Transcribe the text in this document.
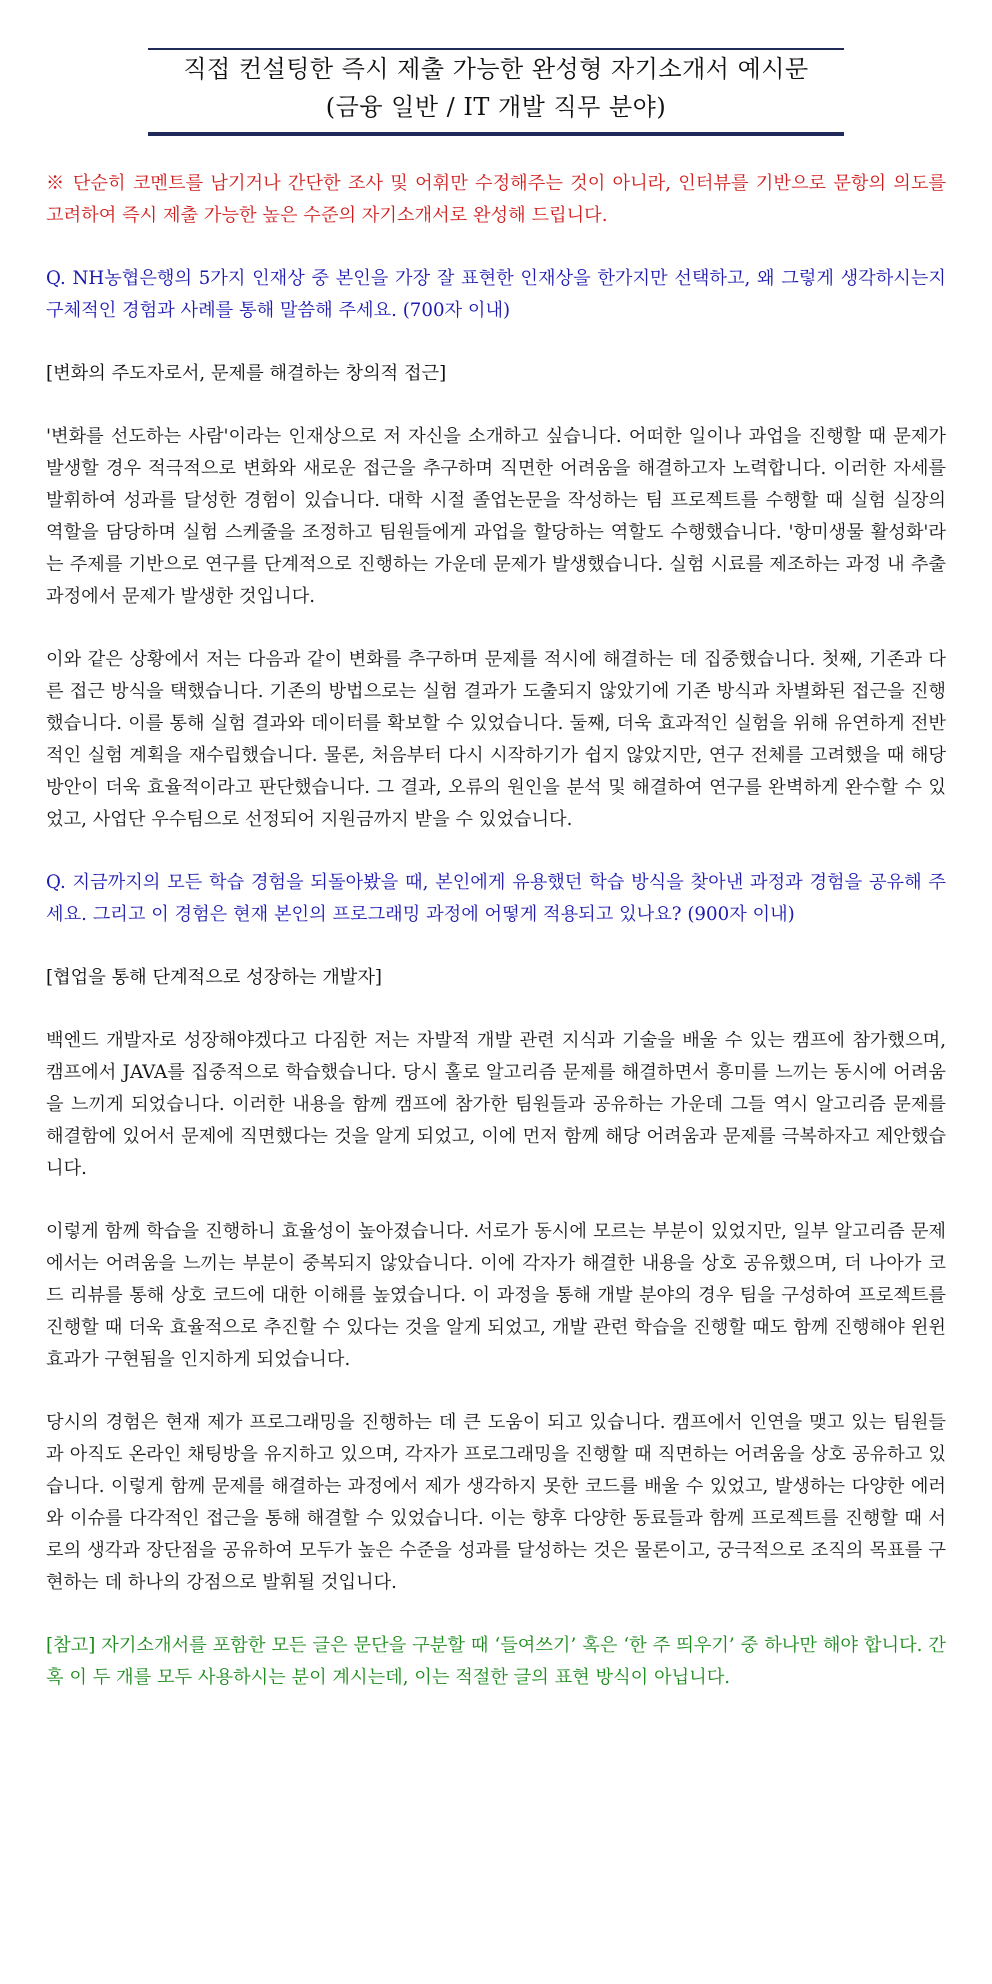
직접 컨설팅한 즉시 제출 가능한 완성형 자기소개서 예시문
(금융 일반 / IT 개발 직무 분야)

※ 단순히 코멘트를 남기거나 간단한 조사 및 어휘만 수정해주는 것이 아니라, 인터뷰를 기반으로 문항의 의도를 고려하여 즉시 제출 가능한 높은 수준의 자기소개서로 완성해 드립니다.

Q. NH농협은행의 5가지 인재상 중 본인을 가장 잘 표현한 인재상을 한가지만 선택하고, 왜 그렇게 생각하시는지 구체적인 경험과 사례를 통해 말씀해 주세요. (700자 이내)

[변화의 주도자로서, 문제를 해결하는 창의적 접근]

'변화를 선도하는 사람'이라는 인재상으로 저 자신을 소개하고 싶습니다. 어떠한 일이나 과업을 진행할 때 문제가 발생할 경우 적극적으로 변화와 새로운 접근을 추구하며 직면한 어려움을 해결하고자 노력합니다. 이러한 자세를 발휘하여 성과를 달성한 경험이 있습니다. 대학 시절 졸업논문을 작성하는 팀 프로젝트를 수행할 때 실험 실장의 역할을 담당하며 실험 스케줄을 조정하고 팀원들에게 과업을 할당하는 역할도 수행했습니다. '항미생물 활성화'라는 주제를 기반으로 연구를 단계적으로 진행하는 가운데 문제가 발생했습니다. 실험 시료를 제조하는 과정 내 추출과정에서 문제가 발생한 것입니다.

이와 같은 상황에서 저는 다음과 같이 변화를 추구하며 문제를 적시에 해결하는 데 집중했습니다. 첫째, 기존과 다른 접근 방식을 택했습니다. 기존의 방법으로는 실험 결과가 도출되지 않았기에 기존 방식과 차별화된 접근을 진행했습니다. 이를 통해 실험 결과와 데이터를 확보할 수 있었습니다. 둘째, 더욱 효과적인 실험을 위해 유연하게 전반적인 실험 계획을 재수립했습니다. 물론, 처음부터 다시 시작하기가 쉽지 않았지만, 연구 전체를 고려했을 때 해당 방안이 더욱 효율적이라고 판단했습니다. 그 결과, 오류의 원인을 분석 및 해결하여 연구를 완벽하게 완수할 수 있었고, 사업단 우수팀으로 선정되어 지원금까지 받을 수 있었습니다.

Q. 지금까지의 모든 학습 경험을 되돌아봤을 때, 본인에게 유용했던 학습 방식을 찾아낸 과정과 경험을 공유해 주세요. 그리고 이 경험은 현재 본인의 프로그래밍 과정에 어떻게 적용되고 있나요? (900자 이내)

[협업을 통해 단계적으로 성장하는 개발자]

백엔드 개발자로 성장해야겠다고 다짐한 저는 자발적 개발 관련 지식과 기술을 배울 수 있는 캠프에 참가했으며, 캠프에서 JAVA를 집중적으로 학습했습니다. 당시 홀로 알고리즘 문제를 해결하면서 흥미를 느끼는 동시에 어려움을 느끼게 되었습니다. 이러한 내용을 함께 캠프에 참가한 팀원들과 공유하는 가운데 그들 역시 알고리즘 문제를 해결함에 있어서 문제에 직면했다는 것을 알게 되었고, 이에 먼저 함께 해당 어려움과 문제를 극복하자고 제안했습니다.

이렇게 함께 학습을 진행하니 효율성이 높아졌습니다. 서로가 동시에 모르는 부분이 있었지만, 일부 알고리즘 문제에서는 어려움을 느끼는 부분이 중복되지 않았습니다. 이에 각자가 해결한 내용을 상호 공유했으며, 더 나아가 코드 리뷰를 통해 상호 코드에 대한 이해를 높였습니다. 이 과정을 통해 개발 분야의 경우 팀을 구성하여 프로젝트를 진행할 때 더욱 효율적으로 추진할 수 있다는 것을 알게 되었고, 개발 관련 학습을 진행할 때도 함께 진행해야 윈윈 효과가 구현됨을 인지하게 되었습니다.

당시의 경험은 현재 제가 프로그래밍을 진행하는 데 큰 도움이 되고 있습니다. 캠프에서 인연을 맺고 있는 팀원들과 아직도 온라인 채팅방을 유지하고 있으며, 각자가 프로그래밍을 진행할 때 직면하는 어려움을 상호 공유하고 있습니다. 이렇게 함께 문제를 해결하는 과정에서 제가 생각하지 못한 코드를 배울 수 있었고, 발생하는 다양한 에러와 이슈를 다각적인 접근을 통해 해결할 수 있었습니다. 이는 향후 다양한 동료들과 함께 프로젝트를 진행할 때 서로의 생각과 장단점을 공유하여 모두가 높은 수준을 성과를 달성하는 것은 물론이고, 궁극적으로 조직의 목표를 구현하는 데 하나의 강점으로 발휘될 것입니다.

[참고] 자기소개서를 포함한 모든 글은 문단을 구분할 때 ‘들여쓰기’ 혹은 ‘한 주 띄우기’ 중 하나만 해야 합니다. 간혹 이 두 개를 모두 사용하시는 분이 계시는데, 이는 적절한 글의 표현 방식이 아닙니다.
